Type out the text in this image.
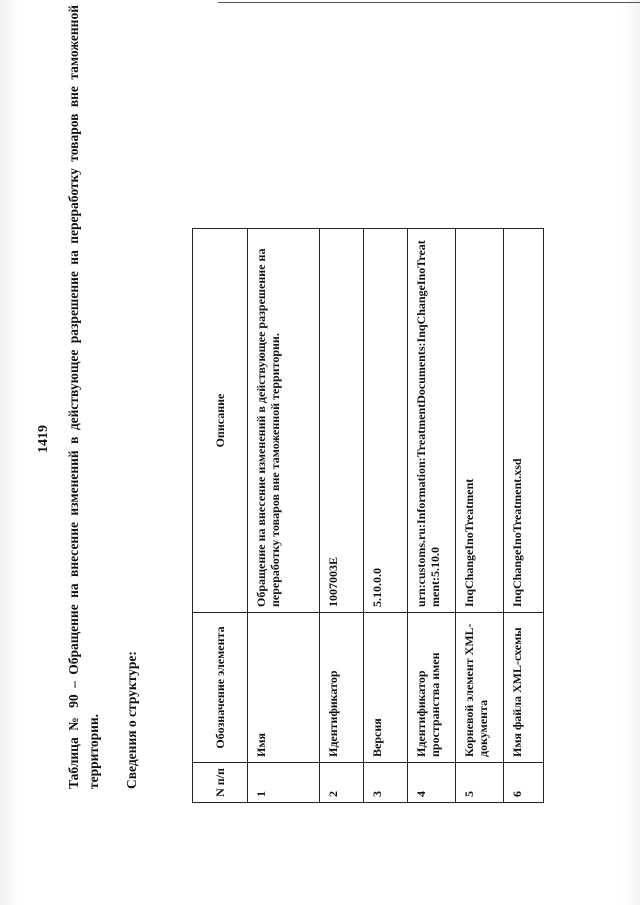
1419 Таблица № 90 – Обращение на внесение изменений в действующее разрешение на переработку товаров вне таможенной территории. Сведения о структуре:	N п/п	Обозначение элемента	Описание
1	Имя	Обращение на внесение изменений в действующее разрешение на переработку товаров вне таможенной территории.
2	Идентификатор	1007003E
3	Версия	5.10.0.0
4	Идентификатор пространства имен	urn:customs.ru:Information:TreatmentDocuments:InqChangeInoTreatment:5.10.0
5	Корневой элемент XML-документа	InqChangeInoTreatment
6	Имя файла XML-схемы	InqChangeInoTreatment.xsd
